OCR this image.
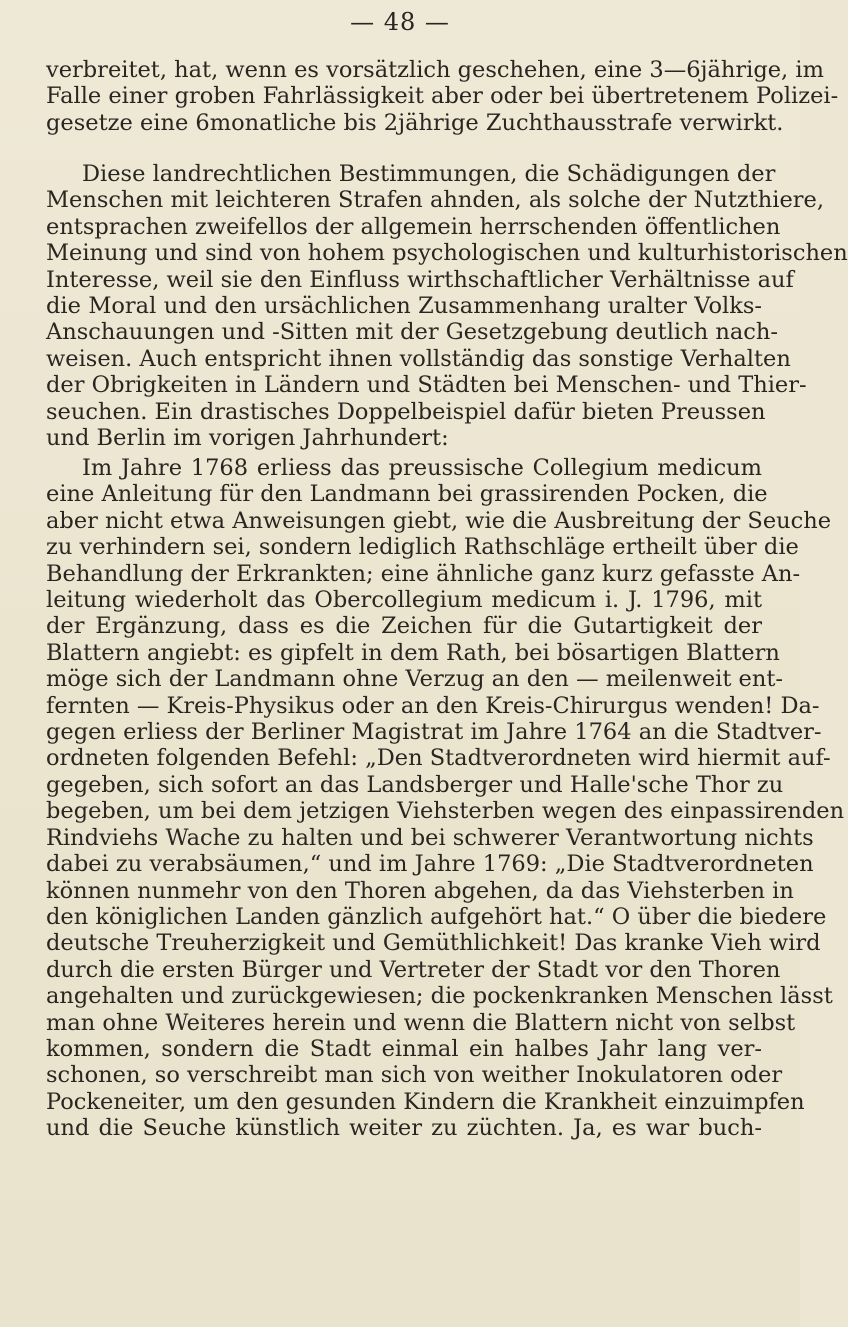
— 48 —
verbreitet, hat, wenn es vorsätzlich geschehen, eine 3—6jährige, im
Falle einer groben Fahrlässigkeit aber oder bei übertretenem Polizei-
gesetze eine 6monatliche bis 2jährige Zuchthausstrafe verwirkt.
Diese landrechtlichen Bestimmungen, die Schädigungen der
Menschen mit leichteren Strafen ahnden, als solche der Nutzthiere,
entsprachen zweifellos der allgemein herrschenden öffentlichen
Meinung und sind von hohem psychologischen und kulturhistorischen
Interesse, weil sie den Einfluss wirthschaftlicher Verhältnisse auf
die Moral und den ursächlichen Zusammenhang uralter Volks-
Anschauungen und -Sitten mit der Gesetzgebung deutlich nach-
weisen. Auch entspricht ihnen vollständig das sonstige Verhalten
der Obrigkeiten in Ländern und Städten bei Menschen- und Thier-
seuchen. Ein drastisches Doppelbeispiel dafür bieten Preussen
und Berlin im vorigen Jahrhundert:
Im Jahre 1768 erliess das preussische Collegium medicum
eine Anleitung für den Landmann bei grassirenden Pocken, die
aber nicht etwa Anweisungen giebt, wie die Ausbreitung der Seuche
zu verhindern sei, sondern lediglich Rathschläge ertheilt über die
Behandlung der Erkrankten; eine ähnliche ganz kurz gefasste An-
leitung wiederholt das Obercollegium medicum i. J. 1796, mit
der Ergänzung, dass es die Zeichen für die Gutartigkeit der
Blattern angiebt: es gipfelt in dem Rath, bei bösartigen Blattern
möge sich der Landmann ohne Verzug an den — meilenweit ent-
fernten — Kreis-Physikus oder an den Kreis-Chirurgus wenden! Da-
gegen erliess der Berliner Magistrat im Jahre 1764 an die Stadtver-
ordneten folgenden Befehl: „Den Stadtverordneten wird hiermit auf-
gegeben, sich sofort an das Landsberger und Halle'sche Thor zu
begeben, um bei dem jetzigen Viehsterben wegen des einpassirenden
Rindviehs Wache zu halten und bei schwerer Verantwortung nichts
dabei zu verabsäumen,“ und im Jahre 1769: „Die Stadtverordneten
können nunmehr von den Thoren abgehen, da das Viehsterben in
den königlichen Landen gänzlich aufgehört hat.“ O über die biedere
deutsche Treuherzigkeit und Gemüthlichkeit! Das kranke Vieh wird
durch die ersten Bürger und Vertreter der Stadt vor den Thoren
angehalten und zurückgewiesen; die pockenkranken Menschen lässt
man ohne Weiteres herein und wenn die Blattern nicht von selbst
kommen, sondern die Stadt einmal ein halbes Jahr lang ver-
schonen, so verschreibt man sich von weither Inokulatoren oder
Pockeneiter, um den gesunden Kindern die Krankheit einzuimpfen
und die Seuche künstlich weiter zu züchten. Ja, es war buch-
